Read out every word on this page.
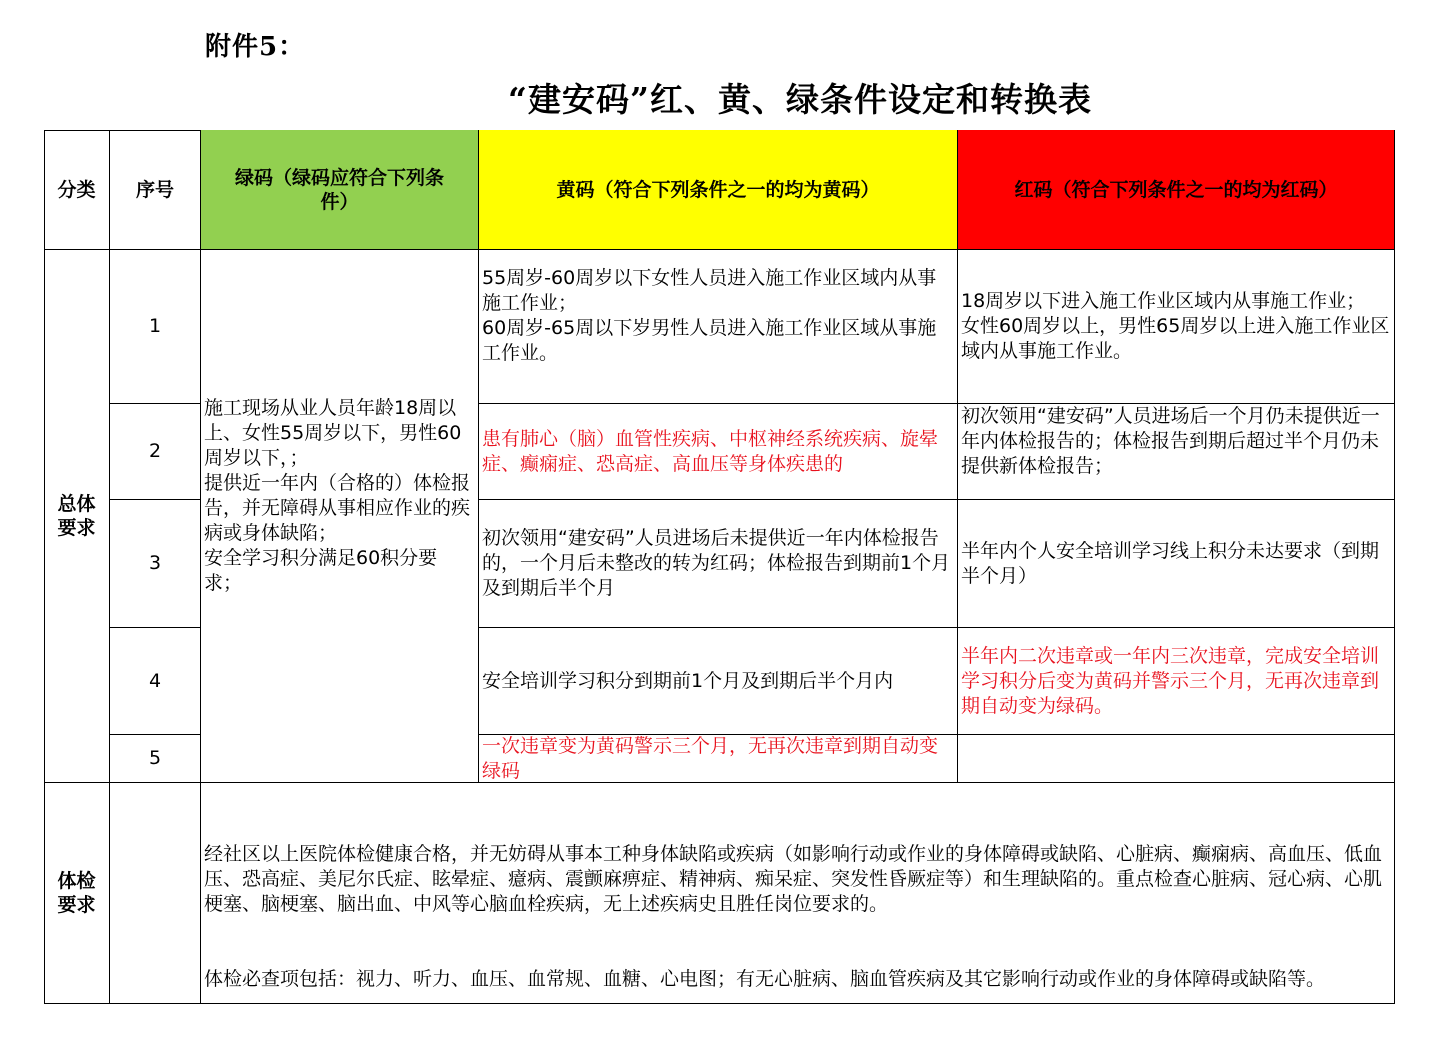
附件5：
“建安码”红、黄、绿条件设定和转换表
分类	序号
绿码（绿码应符合下列条件）
黄码（符合下列条件之一的均为黄码）	红码（符合下列条件之一的均为红码）
总体
要求
1
2
3
4
5
施工现场从业人员年龄18周以上、女性55周岁以下，男性60周岁以下，；
提供近一年内（合格的）体检报告，并无障碍从事相应作业的疾病或身体缺陷；
安全学习积分满足60积分要求；
55周岁-60周岁以下女性人员进入施工作业区域内从事施工作业；
60周岁-65周以下岁男性人员进入施工作业区域从事施工作业。
患有肺心（脑）血管性疾病、中枢神经系统疾病、旋晕症、癫痫症、恐高症、高血压等身体疾患的
初次领用“建安码”人员进场后未提供近一年内体检报告的，一个月后未整改的转为红码；体检报告到期前1个月及到期后半个月
安全培训学习积分到期前1个月及到期后半个月内
一次违章变为黄码警示三个月，无再次违章到期自动变绿码
18周岁以下进入施工作业区域内从事施工作业；
女性60周岁以上，男性65周岁以上进入施工作业区域内从事施工作业。
初次领用“建安码”人员进场后一个月仍未提供近一年内体检报告的；体检报告到期后超过半个月仍未提供新体检报告；
半年内个人安全培训学习线上积分未达要求（到期半个月）
半年内二次违章或一年内三次违章，完成安全培训学习积分后变为黄码并警示三个月，无再次违章到期自动变为绿码。
体检
要求

经社区以上医院体检健康合格，并无妨碍从事本工种身体缺陷或疾病（如影响行动或作业的身体障碍或缺陷、心脏病、癫痫病、高血压、低血压、恐高症、美尼尔氏症、眩晕症、癔病、震颤麻痹症、精神病、痴呆症、突发性昏厥症等）和生理缺陷的。重点检查心脏病、冠心病、心肌梗塞、脑梗塞、脑出血、中风等心脑血栓疾病，无上述疾病史且胜任岗位要求的。

体检必查项包括：视力、听力、血压、血常规、血糖、心电图；有无心脏病、脑血管疾病及其它影响行动或作业的身体障碍或缺陷等。
